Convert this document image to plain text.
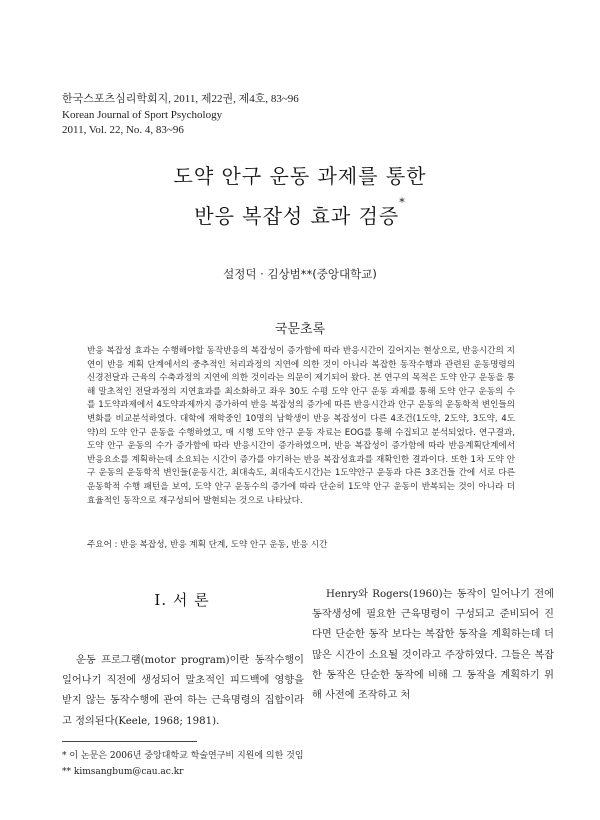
한국스포츠심리학회지, 2011, 제22권, 제4호, 83~96
Korean Journal of Sport Psychology
2011, Vol. 22, No. 4, 83~96
도약 안구 운동 과제를 통한
반응 복잡성 효과 검증*
설정덕 · 김상범**(중앙대학교)
국문초록

반응 복잡성 효과는 수행해야할 동작반응의 복잡성이 증가함에 따라 반응시간이 길어지는 현상으로, 반응시간의 지연이 반응 계획 단계에서의 중추적인 처리과정의 지연에 의한 것이 아니라 복잡한 동작수행과 관련된 운동명령의 신경전달과 근육의 수축과정의 지연에 의한 것이라는 의문이 제기되어 왔다. 본 연구의 목적은 도약 안구 운동을 통해 말초적인 전달과정의 지연효과를 최소화하고 좌우 30도 수평 도약 안구 운동 과제를 통해 도약 안구 운동의 수를 1도약과제에서 4도약과제까지 증가하여 반응 복잡성의 증가에 따른 반응시간과 안구 운동의 운동학적 변인들의 변화를 비교분석하였다. 대학에 재학중인 10명의 남학생이 반응 복잡성이 다른 4조건(1도약, 2도약, 3도약, 4도약)의 도약 안구 운동을 수행하였고, 매 시행 도약 안구 운동 자료는 EOG를 통해 수집되고 분석되었다. 연구결과, 도약 안구 운동의 수가 증가함에 따라 반응시간이 증가하였으며, 반응 복잡성이 증가함에 따라 반응계획단계에서 반응요소를 계획하는데 소요되는 시간이 증가를 야기하는 반응 복잡성효과를 재확인한 결과이다. 또한 1차 도약 안구 운동의 운동학적 변인들(운동시간, 최대속도, 최대속도시간)는 1도약안구 운동과 다른 3조건들 간에 서로 다른 운동학적 수행 패턴을 보여, 도약 안구 운동수의 증가에 따라 단순히 1도약 안구 운동이 반복되는 것이 아니라 더 효율적인 동작으로 재구성되어 발현되는 것으로 나타났다.

주요어 : 반응 복잡성, 반응 계획 단계, 도약 안구 운동, 반응 시간
Ⅰ. 서 론

운동 프로그램(motor program)이란 동작수행이 일어나기 직전에 생성되어 말초적인 피드백에 영향을 받지 않는 동작수행에 관여 하는 근육명령의 집합이라고 정의된다(Keele, 1968; 1981).

Henry와 Rogers(1960)는 동작이 일어나기 전에 동작생성에 필요한 근육명령이 구성되고 준비되어 진다면 단순한 동작 보다는 복잡한 동작을 계획하는데 더 많은 시간이 소요될 것이라고 주장하였다. 그들은 복잡한 동작은 단순한 동작에 비해 그 동작을 계획하기 위해 사전에 조작하고 처

* 이 논문은 2006년 중앙대학교 학술연구비 지원에 의한 것임
** kimsangbum@cau.ac.kr
